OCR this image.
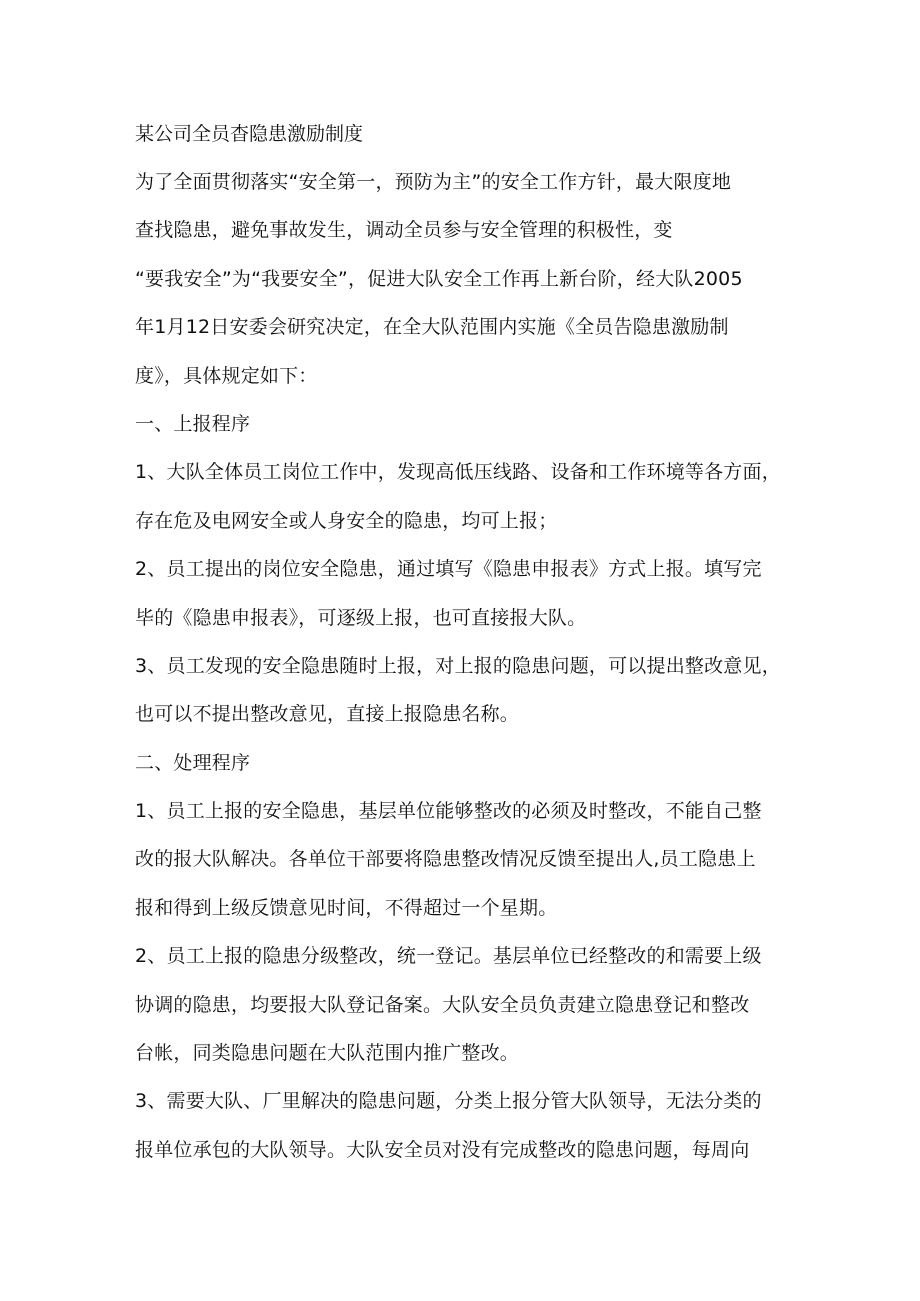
某公司全员杳隐患激励制度
为了全面贯彻落实“安全第一，预防为主”的安全工作方针，最大限度地
查找隐患，避免事故发生，调动全员参与安全管理的积极性，变
“要我安全”为“我要安全”，促进大队安全工作再上新台阶，经大队2005
年1月12日安委会研究决定，在全大队范围内实施《全员告隐患激励制
度》，具体规定如下：
一、上报程序
1、大队全体员工岗位工作中，发现高低压线路、设备和工作环境等各方面，
存在危及电网安全或人身安全的隐患，均可上报；
2、员工提出的岗位安全隐患，通过填写《隐患申报表》方式上报。填写完
毕的《隐患申报表》，可逐级上报，也可直接报大队。
3、员工发现的安全隐患随时上报，对上报的隐患问题，可以提出整改意见，
也可以不提出整改意见，直接上报隐患名称。
二、处理程序
1、员工上报的安全隐患，基层单位能够整改的必须及时整改，不能自己整
改的报大队解决。各单位干部要将隐患整改情况反馈至提出人,员工隐患上
报和得到上级反馈意见时间，不得超过一个星期。
2、员工上报的隐患分级整改，统一登记。基层单位已经整改的和需要上级
协调的隐患，均要报大队登记备案。大队安全员负责建立隐患登记和整改
台帐，同类隐患问题在大队范围内推广整改。
3、需要大队、厂里解决的隐患问题，分类上报分管大队领导，无法分类的
报单位承包的大队领导。大队安全员对没有完成整改的隐患问题，每周向
